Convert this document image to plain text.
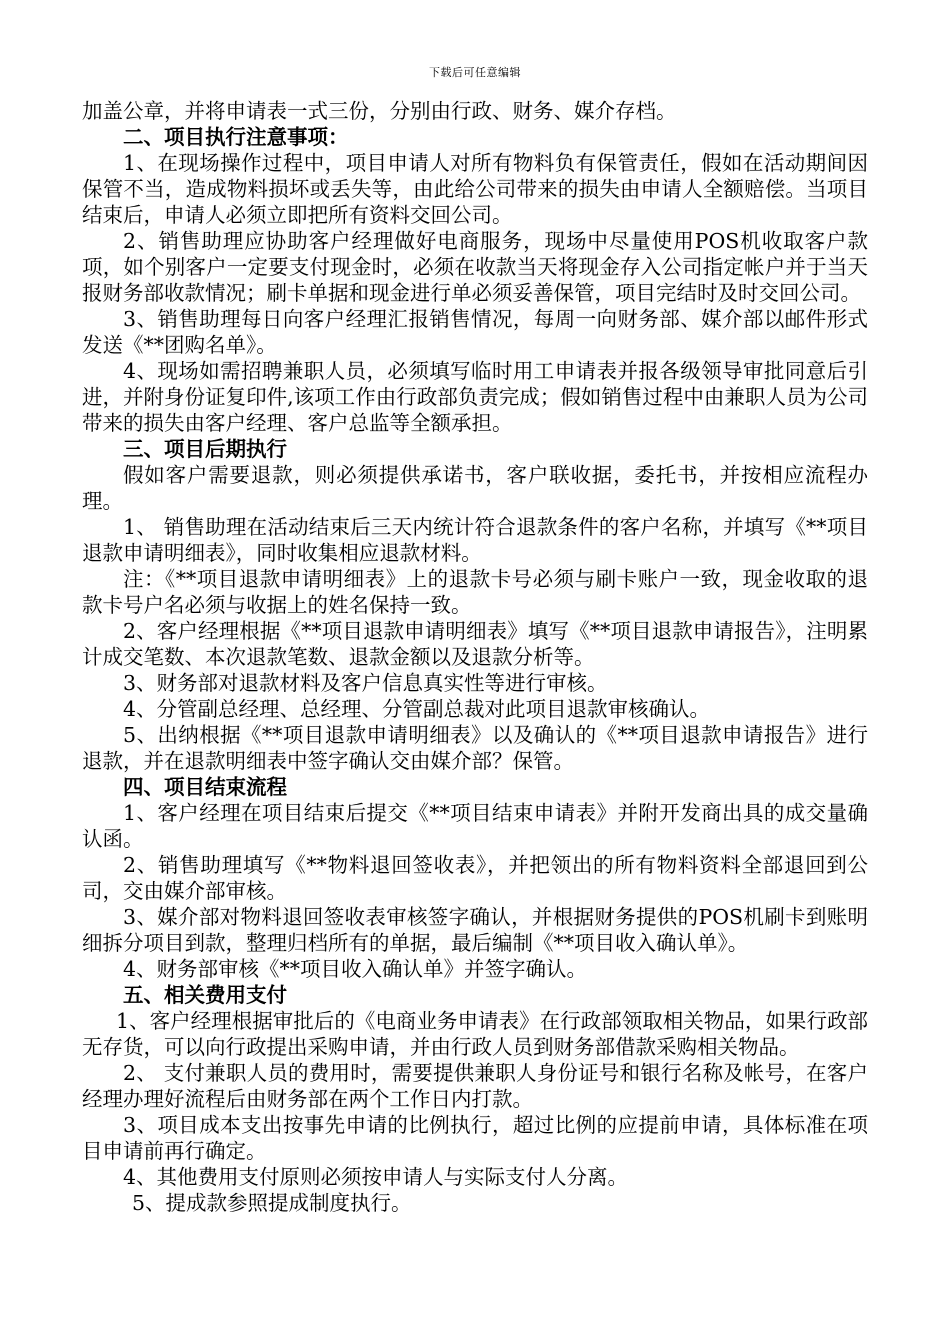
下载后可任意编辑

加盖公章，并将申请表一式三份，分别由行政、财务、媒介存档。

二、项目执行注意事项：

1、在现场操作过程中，项目申请人对所有物料负有保管责任，假如在活动期间因保管不当，造成物料损坏或丢失等，由此给公司带来的损失由申请人全额赔偿。当项目结束后，申请人必须立即把所有资料交回公司。

2、销售助理应协助客户经理做好电商服务，现场中尽量使用POS机收取客户款项，如个别客户一定要支付现金时，必须在收款当天将现金存入公司指定帐户并于当天报财务部收款情况；刷卡单据和现金进行单必须妥善保管，项目完结时及时交回公司。

3、销售助理每日向客户经理汇报销售情况，每周一向财务部、媒介部以邮件形式发送《**团购名单》。

4、现场如需招聘兼职人员，必须填写临时用工申请表并报各级领导审批同意后引进，并附身份证复印件,该项工作由行政部负责完成；假如销售过程中由兼职人员为公司带来的损失由客户经理、客户总监等全额承担。

三、项目后期执行

假如客户需要退款，则必须提供承诺书，客户联收据，委托书，并按相应流程办理。

1、 销售助理在活动结束后三天内统计符合退款条件的客户名称，并填写《**项目退款申请明细表》，同时收集相应退款材料。

注：《**项目退款申请明细表》上的退款卡号必须与刷卡账户一致，现金收取的退款卡号户名必须与收据上的姓名保持一致。

2、客户经理根据《**项目退款申请明细表》填写《**项目退款申请报告》，注明累计成交笔数、本次退款笔数、退款金额以及退款分析等。

3、财务部对退款材料及客户信息真实性等进行审核。

4、分管副总经理、总经理、分管副总裁对此项目退款审核确认。

5、出纳根据《**项目退款申请明细表》以及确认的《**项目退款申请报告》进行退款，并在退款明细表中签字确认交由媒介部？保管。

四、项目结束流程

1、客户经理在项目结束后提交《**项目结束申请表》并附开发商出具的成交量确认函。

2、销售助理填写《**物料退回签收表》，并把领出的所有物料资料全部退回到公司，交由媒介部审核。

3、媒介部对物料退回签收表审核签字确认，并根据财务提供的POS机刷卡到账明细拆分项目到款，整理归档所有的单据，最后编制《**项目收入确认单》。

4、财务部审核《**项目收入确认单》并签字确认。

五、相关费用支付

1、客户经理根据审批后的《电商业务申请表》在行政部领取相关物品，如果行政部无存货，可以向行政提出采购申请，并由行政人员到财务部借款采购相关物品。

2、 支付兼职人员的费用时，需要提供兼职人身份证号和银行名称及帐号，在客户经理办理好流程后由财务部在两个工作日内打款。

3、项目成本支出按事先申请的比例执行，超过比例的应提前申请，具体标准在项目申请前再行确定。

4、其他费用支付原则必须按申请人与实际支付人分离。

5、提成款参照提成制度执行。
